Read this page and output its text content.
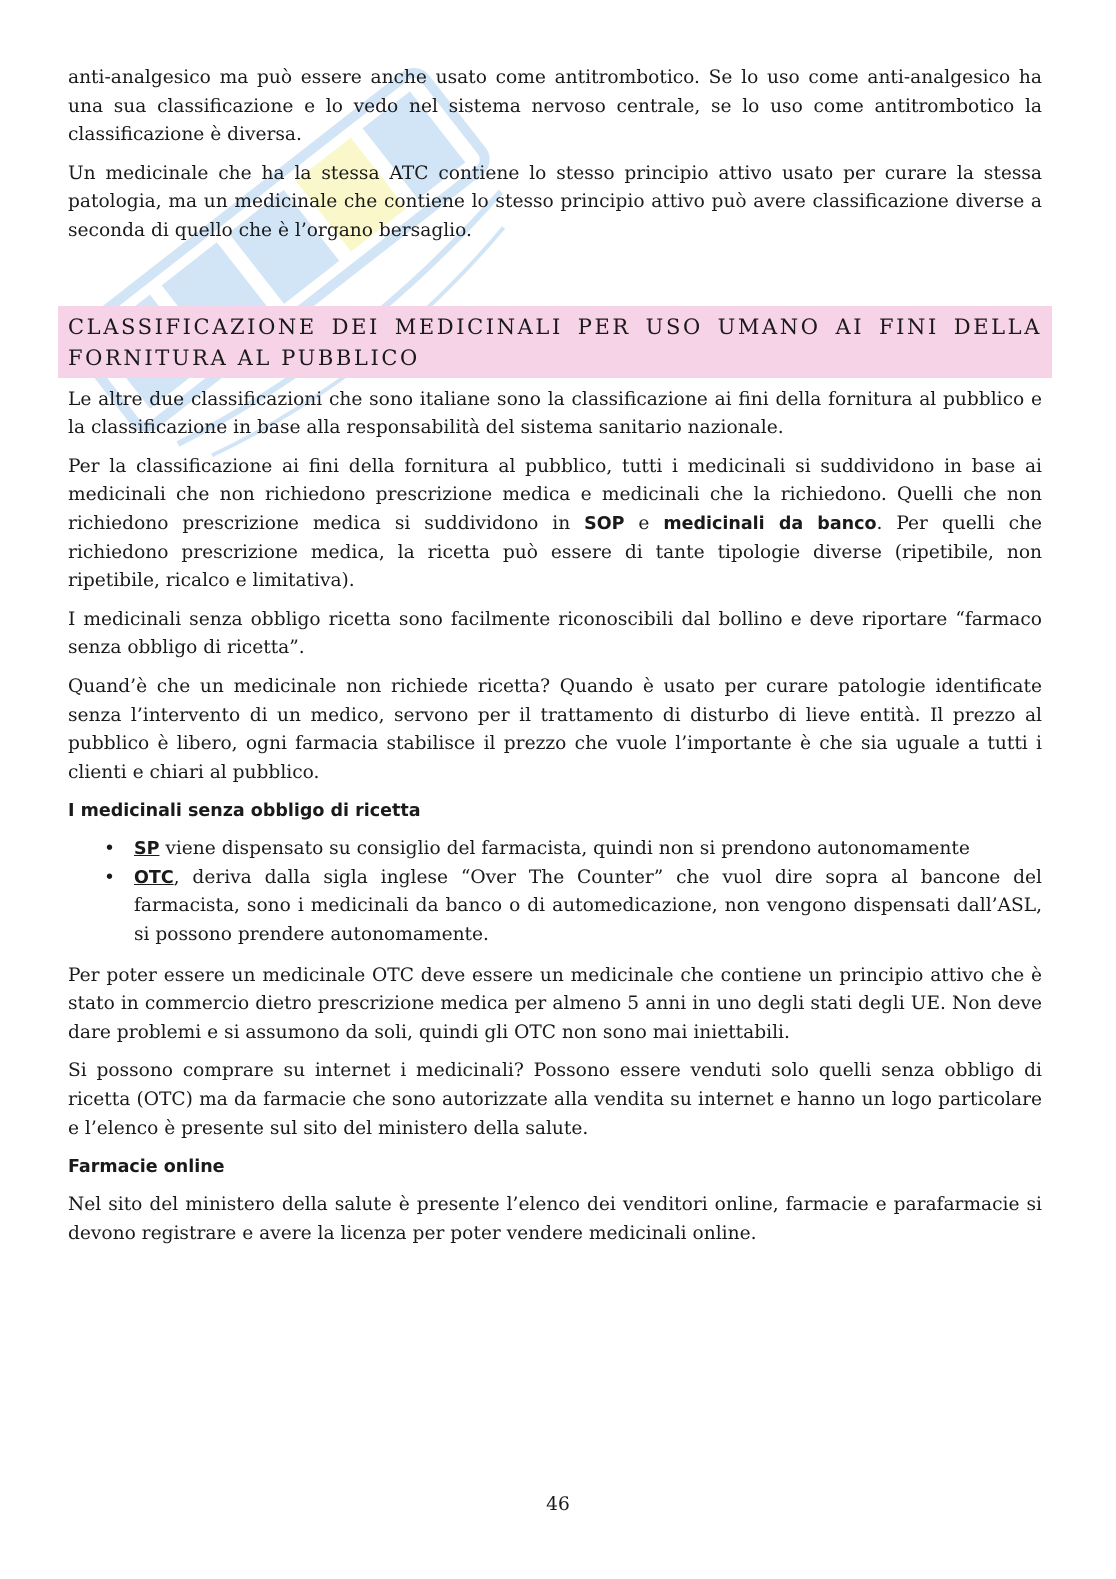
anti-analgesico ma può essere anche usato come antitrombotico. Se lo uso come anti-analgesico ha una sua classificazione e lo vedo nel sistema nervoso centrale, se lo uso come antitrombotico la classificazione è diversa.

Un medicinale che ha la stessa ATC contiene lo stesso principio attivo usato per curare la stessa patologia, ma un medicinale che contiene lo stesso principio attivo può avere classificazione diverse a seconda di quello che è l’organo bersaglio.

CLASSIFICAZIONE DEI MEDICINALI PER USO UMANO AI FINI DELLA FORNITURA AL PUBBLICO

Le altre due classificazioni che sono italiane sono la classificazione ai fini della fornitura al pubblico e la classificazione in base alla responsabilità del sistema sanitario nazionale.

Per la classificazione ai fini della fornitura al pubblico, tutti i medicinali si suddividono in base ai medicinali che non richiedono prescrizione medica e medicinali che la richiedono. Quelli che non richiedono prescrizione medica si suddividono in SOP e medicinali da banco. Per quelli che richiedono prescrizione medica, la ricetta può essere di tante tipologie diverse (ripetibile, non ripetibile, ricalco e limitativa).

I medicinali senza obbligo ricetta sono facilmente riconoscibili dal bollino e deve riportare “farmaco senza obbligo di ricetta”.

Quand’è che un medicinale non richiede ricetta? Quando è usato per curare patologie identificate senza l’intervento di un medico, servono per il trattamento di disturbo di lieve entità. Il prezzo al pubblico è libero, ogni farmacia stabilisce il prezzo che vuole l’importante è che sia uguale a tutti i clienti e chiari al pubblico.

I medicinali senza obbligo di ricetta
• SP viene dispensato su consiglio del farmacista, quindi non si prendono autonomamente
• OTC, deriva dalla sigla inglese “Over The Counter” che vuol dire sopra al bancone del farmacista, sono i medicinali da banco o di automedicazione, non vengono dispensati dall’ASL, si possono prendere autonomamente.

Per poter essere un medicinale OTC deve essere un medicinale che contiene un principio attivo che è stato in commercio dietro prescrizione medica per almeno 5 anni in uno degli stati degli UE. Non deve dare problemi e si assumono da soli, quindi gli OTC non sono mai iniettabili.

Si possono comprare su internet i medicinali? Possono essere venduti solo quelli senza obbligo di ricetta (OTC) ma da farmacie che sono autorizzate alla vendita su internet e hanno un logo particolare e l’elenco è presente sul sito del ministero della salute.

Farmacie online

Nel sito del ministero della salute è presente l’elenco dei venditori online, farmacie e parafarmacie si devono registrare e avere la licenza per poter vendere medicinali online.

46
